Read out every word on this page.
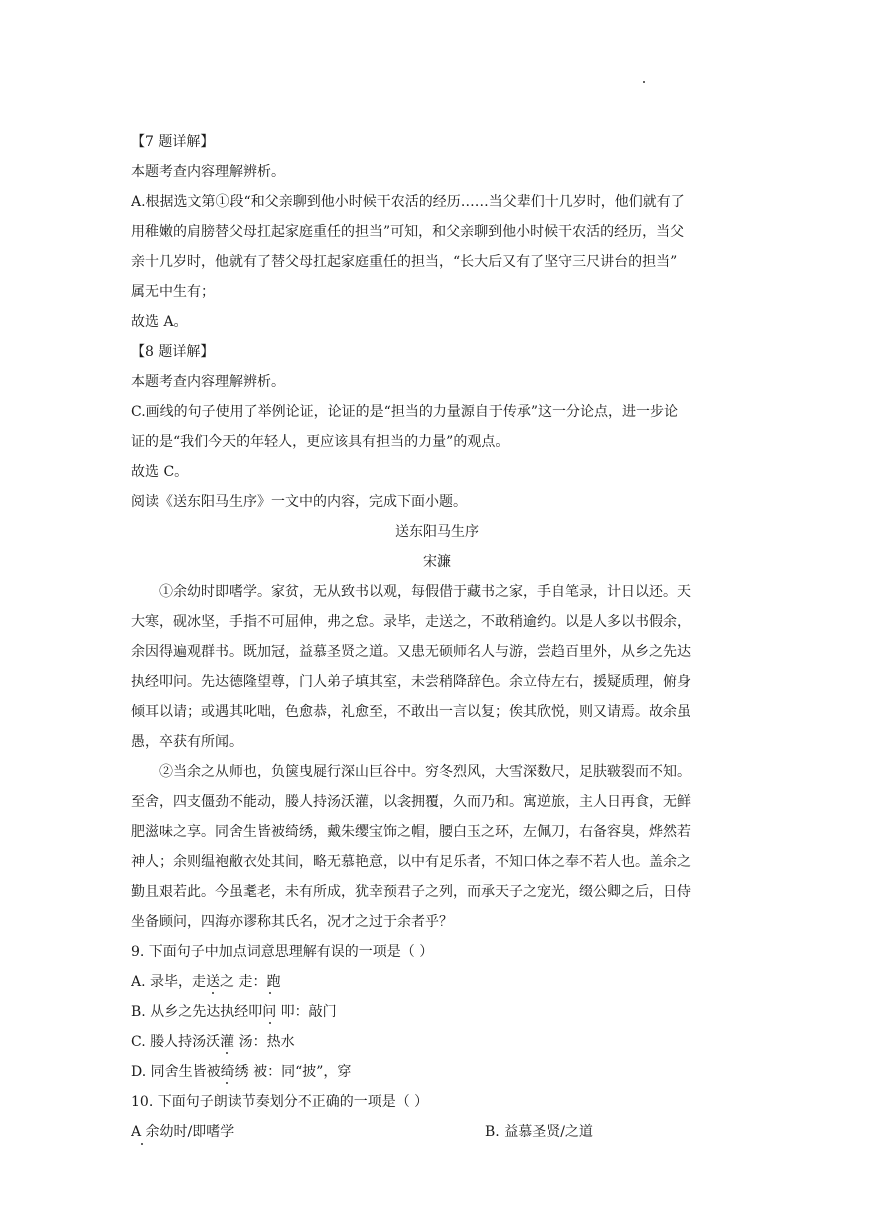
【7 题详解】
本题考查内容理解辨析。
A.根据选文第①段“和父亲聊到他小时候干农活的经历……当父辈们十几岁时，他们就有了
用稚嫩的肩膀替父母扛起家庭重任的担当”可知，和父亲聊到他小时候干农活的经历，当父
亲十几岁时，他就有了替父母扛起家庭重任的担当，“长大后又有了坚守三尺讲台的担当”
属无中生有；
故选 A。
【8 题详解】
本题考查内容理解辨析。
C.画线的句子使用了举例论证，论证的是“担当的力量源自于传承”这一分论点，进一步论
证的是“我们今天的年轻人，更应该具有担当的力量”的观点。
故选 C。
阅读《送东阳马生序》一文中的内容，完成下面小题。
送东阳马生序
宋濂
①余幼时即嗜学。家贫，无从致书以观，每假借于藏书之家，手自笔录，计日以还。天
大寒，砚冰坚，手指不可屈伸，弗之怠。录毕，走送之，不敢稍逾约。以是人多以书假余，
余因得遍观群书。既加冠，益慕圣贤之道。又患无硕师名人与游，尝趋百里外，从乡之先达
执经叩问。先达德隆望尊，门人弟子填其室，未尝稍降辞色。余立侍左右，援疑质理，俯身
倾耳以请；或遇其叱咄，色愈恭，礼愈至，不敢出一言以复；俟其欣悦，则又请焉。故余虽
愚，卒获有所闻。
②当余之从师也，负箧曳屣行深山巨谷中。穷冬烈风，大雪深数尺，足肤皲裂而不知。
至舍，四支僵劲不能动，媵人持汤沃灌，以衾拥覆，久而乃和。寓逆旅，主人日再食，无鲜
肥滋味之享。同舍生皆被绮绣，戴朱缨宝饰之帽，腰白玉之环，左佩刀，右备容臭，烨然若
神人；余则缊袍敝衣处其间，略无慕艳意，以中有足乐者，不知口体之奉不若人也。盖余之
勤且艰若此。今虽耄老，未有所成，犹幸预君子之列，而承天子之宠光，缀公卿之后，日侍
坐备顾问，四海亦谬称其氏名，况才之过于余者乎？
9. 下面句子中加点词意思理解有误的一项是（ ）
A. 录毕，走送之 走：跑
B. 从乡之先达执经叩问 叩：敲门
C. 媵人持汤沃灌 汤：热水
D. 同舍生皆被绮绣 被：同“披”，穿
10. 下面句子朗读节奏划分不正确的一项是（ ）
A 余幼时/即嗜学	B. 益慕圣贤/之道
